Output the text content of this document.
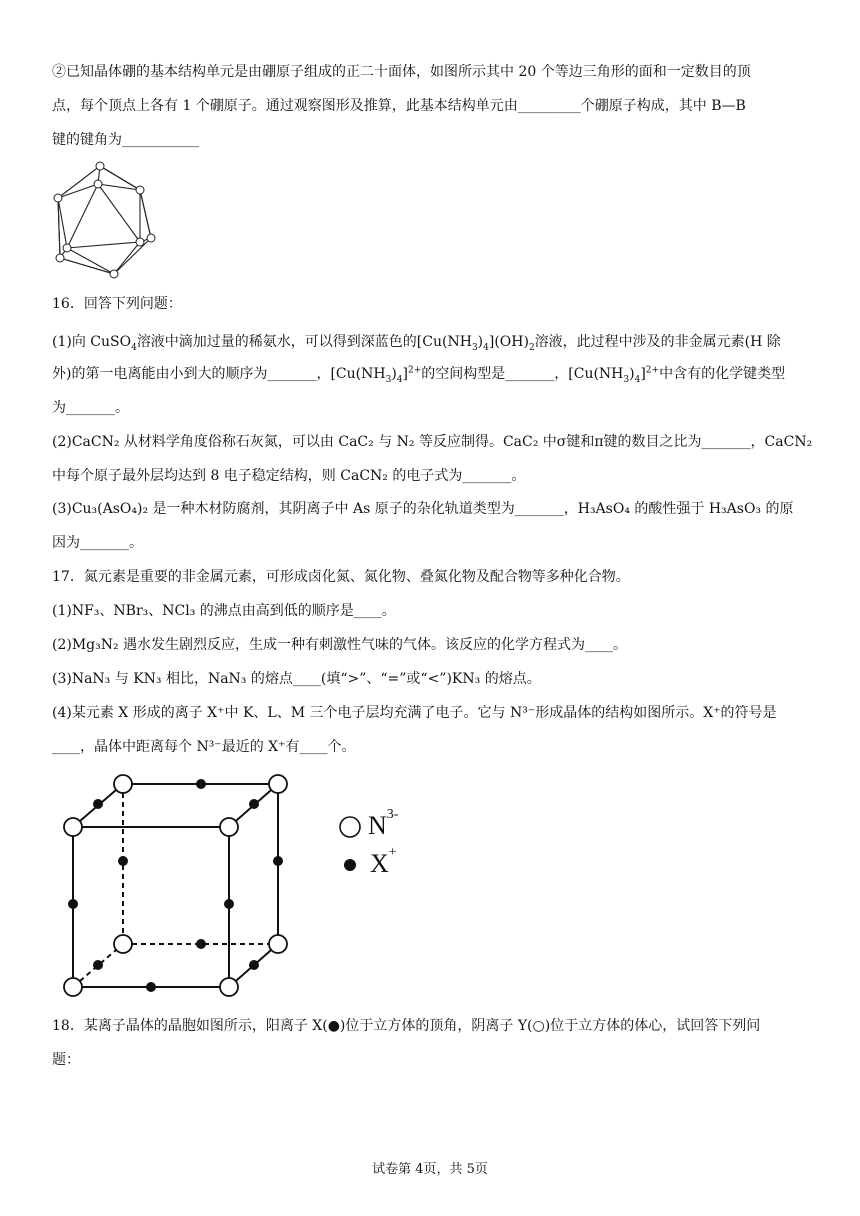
②已知晶体硼的基本结构单元是由硼原子组成的正二十面体，如图所示其中 20 个等边三角形的面和一定数目的顶
点，每个顶点上各有 1 个硼原子。通过观察图形及推算，此基本结构单元由_________个硼原子构成，其中 B—B
键的键角为___________
16．回答下列问题：
(1)向 CuSO$_4$溶液中滴加过量的稀氨水，可以得到深蓝色的$[Cu(NH_3)_4](OH)_2$溶液，此过程中涉及的非金属元素(H 除
外)的第一电离能由小到大的顺序为_______，$[Cu(NH_3)_4]^{2+}$的空间构型是_______，$[Cu(NH_3)_4]^{2+}$中含有的化学键类型
为_______。
(2)CaCN₂ 从材料学角度俗称石灰氮，可以由 CaC₂ 与 N₂ 等反应制得。CaC₂ 中σ键和π键的数目之比为_______，CaCN₂
中每个原子最外层均达到 8 电子稳定结构，则 CaCN₂ 的电子式为_______。
(3)Cu₃(AsO₄)₂ 是一种木材防腐剂，其阴离子中 As 原子的杂化轨道类型为_______，H₃AsO₄ 的酸性强于 H₃AsO₃ 的原
因为_______。
17．氮元素是重要的非金属元素，可形成卤化氮、氮化物、叠氮化物及配合物等多种化合物。
(1)NF₃、NBr₃、NCl₃ 的沸点由高到低的顺序是____。
(2)Mg₃N₂ 遇水发生剧烈反应，生成一种有刺激性气味的气体。该反应的化学方程式为____。
(3)NaN₃ 与 KN₃ 相比，NaN₃ 的熔点____(填“>”、“=”或“<”)KN₃ 的熔点。
(4)某元素 X 形成的离子 X⁺中 K、L、M 三个电子层均充满了电子。它与 N³⁻形成晶体的结构如图所示。X⁺的符号是
____，晶体中距离每个 N³⁻最近的 X⁺有____个。
$N^{3-}$
X+
18．某离子晶体的晶胞如图所示，阳离子 X(●)位于立方体的顶角，阴离子 Y(○)位于立方体的体心，试回答下列问
题：
试卷第 4页，共 5页
